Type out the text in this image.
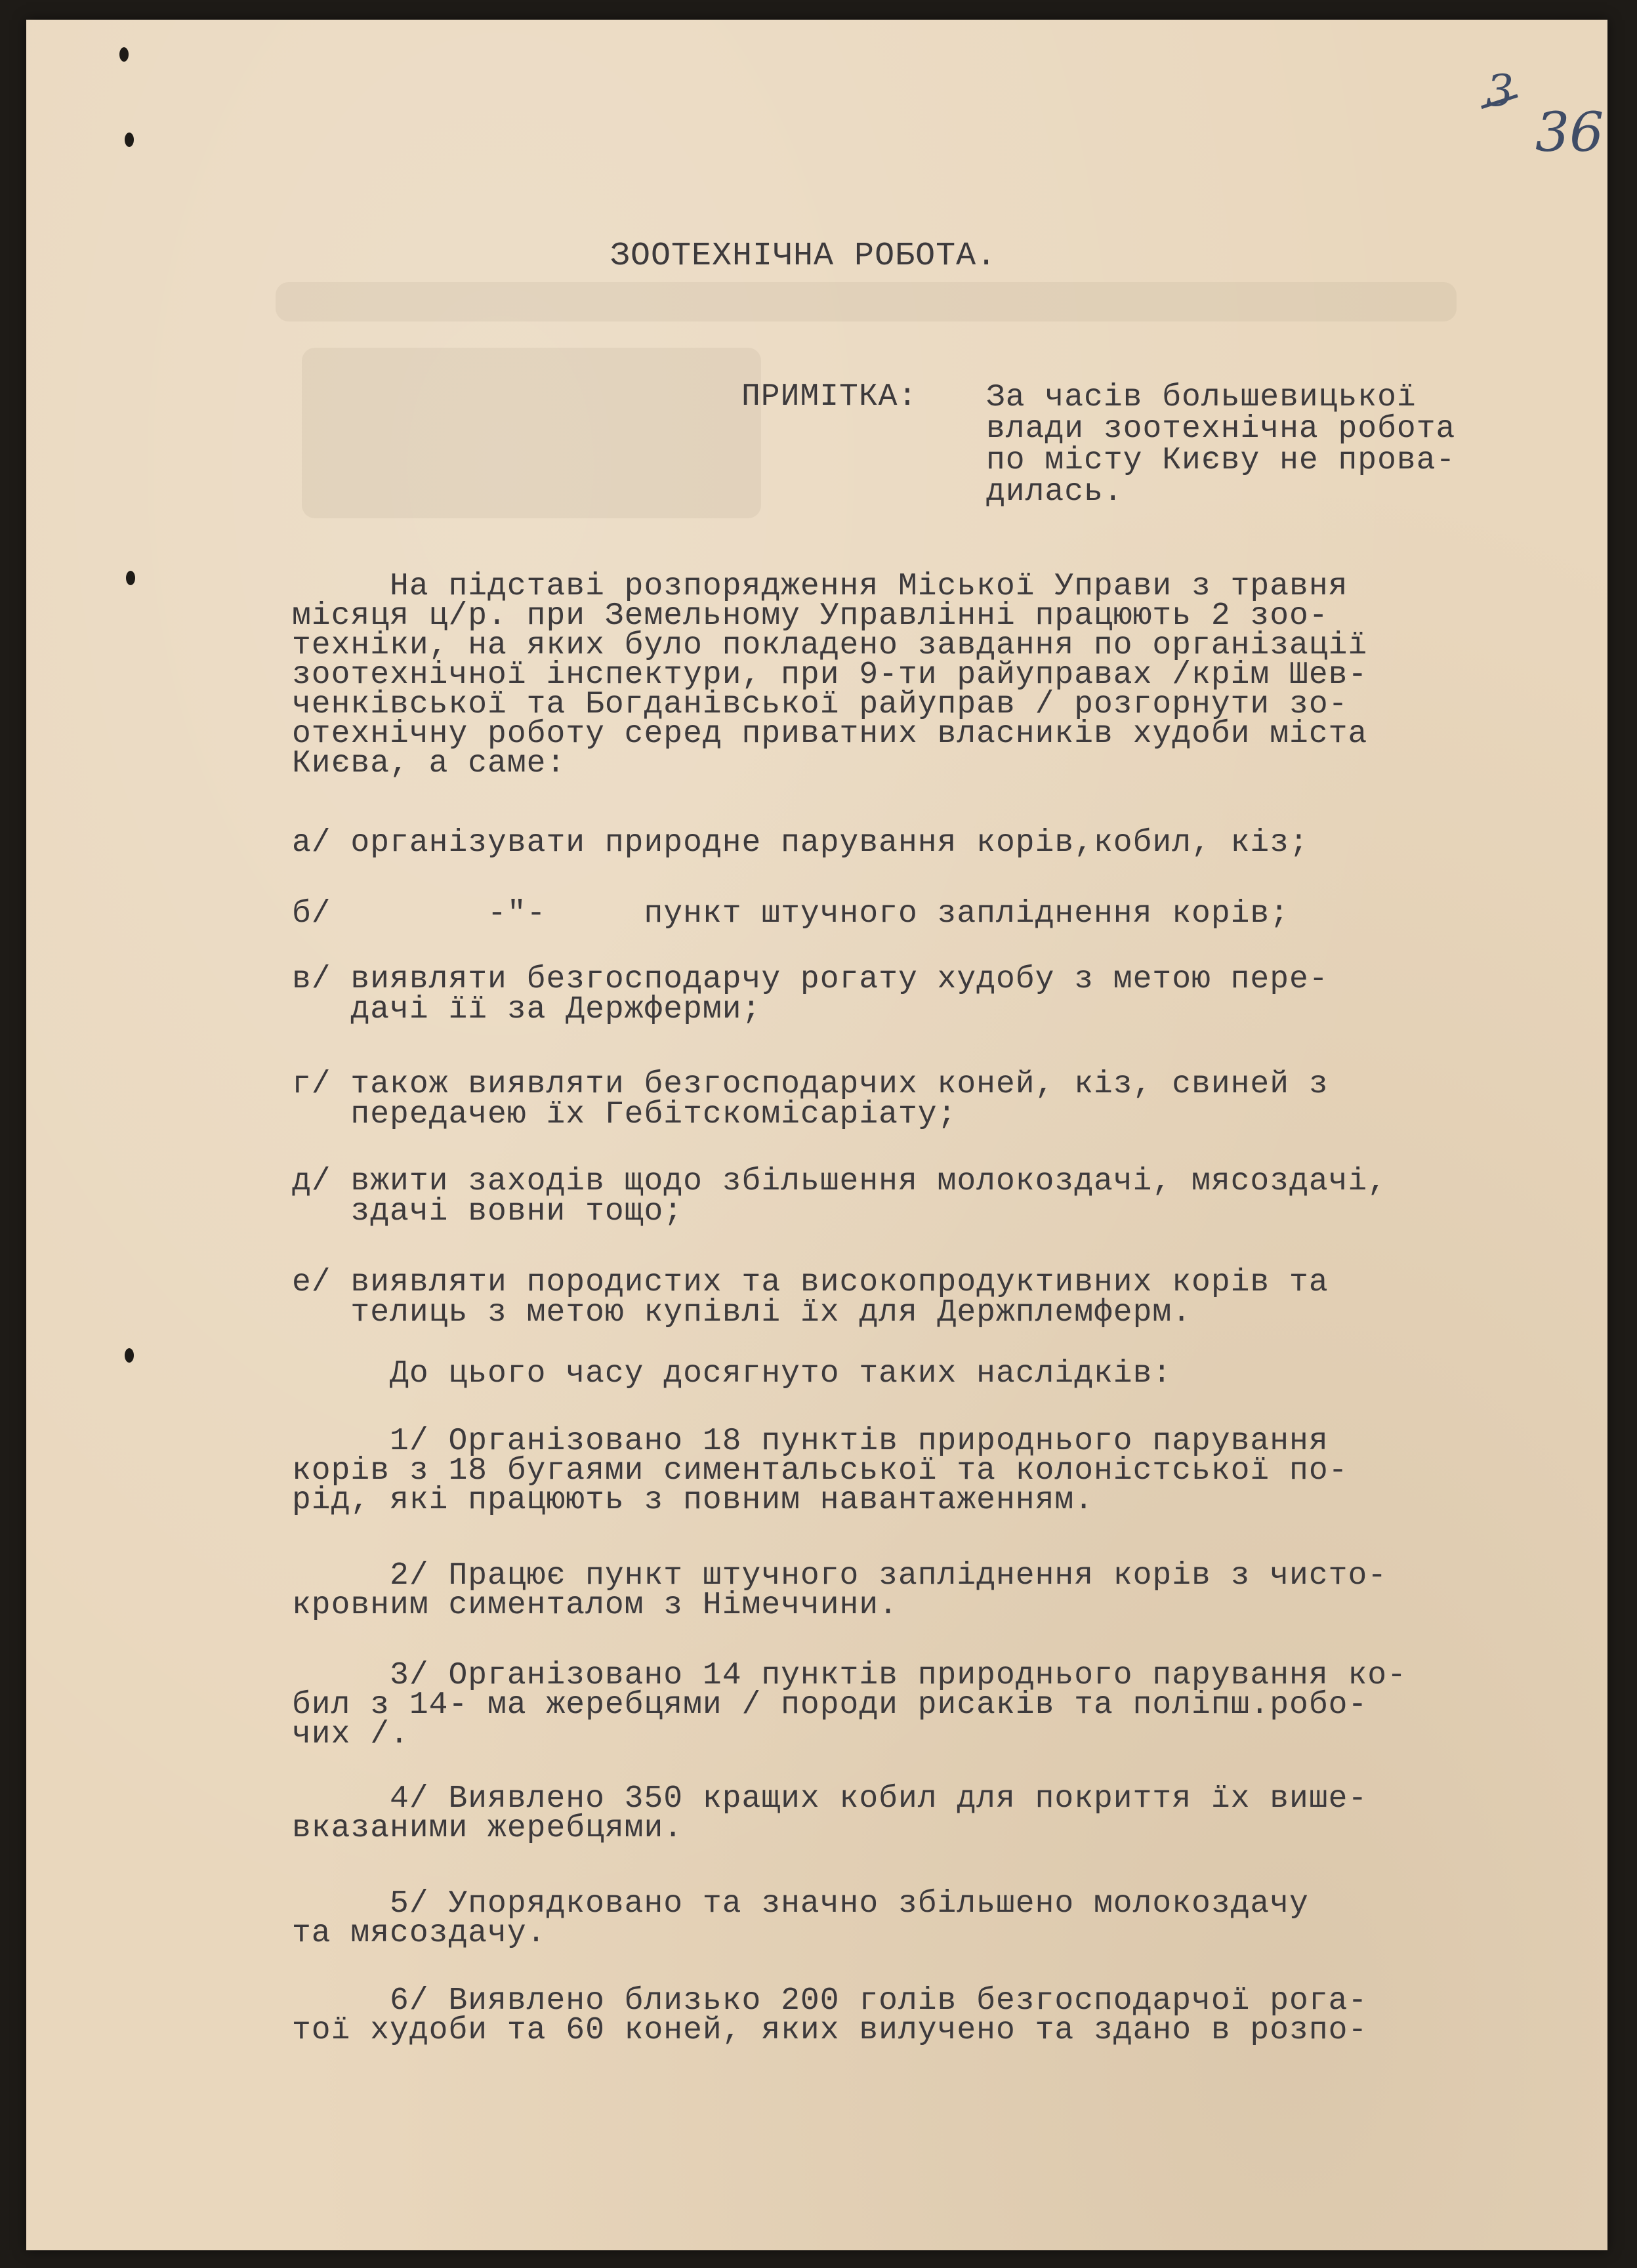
3
36
ЗООТЕХНІЧНА РОБОТА.
ПРИМІТКА: За часів большевицької
влади зоотехнічна робота
по місту Києву не прова-
дилась.
На підставі розпорядження Міської Управи з травня
місяця ц/р. при Земельному Управлінні працюють 2 зоо-
техніки, на яких було покладено завдання по організації
зоотехнічної інспектури, при 9-ти райуправах /крім Шев-
ченківської та Богданівської райуправ / розгорнути зо-
отехнічну роботу серед приватних власників худоби міста
Києва, а саме:
а/ організувати природне парування корів,кобил, кіз;
б/        -"-     пункт штучного запліднення корів;
в/ виявляти безгосподарчу рогату худобу з метою пере-
дачі її за Держферми;
г/ також виявляти безгосподарчих коней, кіз, свиней з
передачею їх Гебітскомісаріату;
д/ вжити заходів щодо збільшення молокоздачі, мясоздачі,
здачі вовни тощо;
е/ виявляти породистих та високопродуктивних корів та
телиць з метою купівлі їх для Держплемферм.
До цього часу досягнуто таких наслідків:
1/ Організовано 18 пунктів природнього парування
корів з 18 бугаями симентальської та колоністської по-
рід, які працюють з повним навантаженням.
2/ Працює пункт штучного запліднення корів з чисто-
кровним сименталом з Німеччини.
3/ Організовано 14 пунктів природнього парування ко-
бил з 14- ма жеребцями / породи рисаків та поліпш.робо-
чих /.
4/ Виявлено 350 кращих кобил для покриття їх више-
вказаними жеребцями.
5/ Упорядковано та значно збільшено молокоздачу
та мясоздачу.
6/ Виявлено близько 200 голів безгосподарчої рога-
тої худоби та 60 коней, яких вилучено та здано в розпо-
